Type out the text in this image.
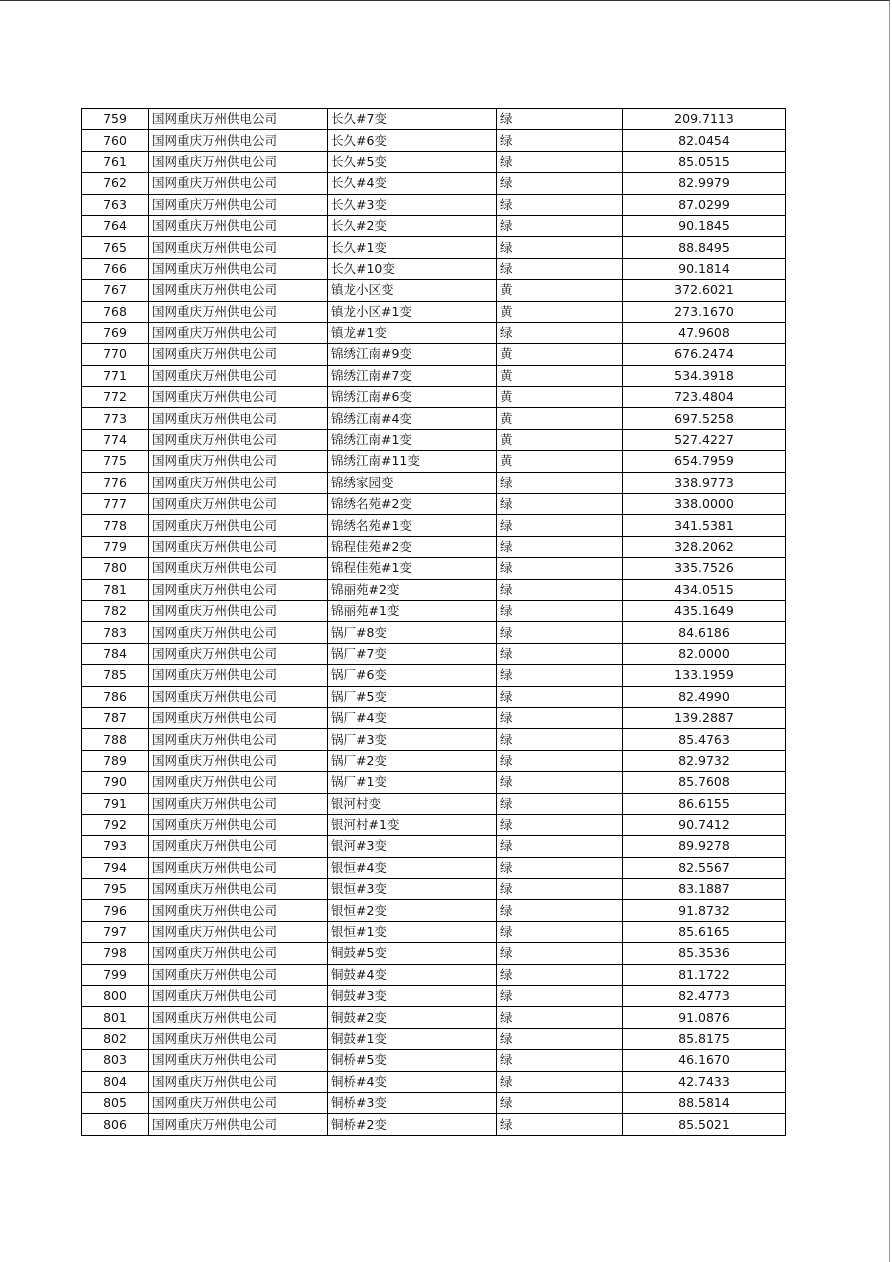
759	国网重庆万州供电公司	长久#7变	绿	209.7113
760	国网重庆万州供电公司	长久#6变	绿	82.0454
761	国网重庆万州供电公司	长久#5变	绿	85.0515
762	国网重庆万州供电公司	长久#4变	绿	82.9979
763	国网重庆万州供电公司	长久#3变	绿	87.0299
764	国网重庆万州供电公司	长久#2变	绿	90.1845
765	国网重庆万州供电公司	长久#1变	绿	88.8495
766	国网重庆万州供电公司	长久#10变	绿	90.1814
767	国网重庆万州供电公司	镇龙小区变	黄	372.6021
768	国网重庆万州供电公司	镇龙小区#1变	黄	273.1670
769	国网重庆万州供电公司	镇龙#1变	绿	47.9608
770	国网重庆万州供电公司	锦绣江南#9变	黄	676.2474
771	国网重庆万州供电公司	锦绣江南#7变	黄	534.3918
772	国网重庆万州供电公司	锦绣江南#6变	黄	723.4804
773	国网重庆万州供电公司	锦绣江南#4变	黄	697.5258
774	国网重庆万州供电公司	锦绣江南#1变	黄	527.4227
775	国网重庆万州供电公司	锦绣江南#11变	黄	654.7959
776	国网重庆万州供电公司	锦绣家园变	绿	338.9773
777	国网重庆万州供电公司	锦绣名苑#2变	绿	338.0000
778	国网重庆万州供电公司	锦绣名苑#1变	绿	341.5381
779	国网重庆万州供电公司	锦程佳苑#2变	绿	328.2062
780	国网重庆万州供电公司	锦程佳苑#1变	绿	335.7526
781	国网重庆万州供电公司	锦丽苑#2变	绿	434.0515
782	国网重庆万州供电公司	锦丽苑#1变	绿	435.1649
783	国网重庆万州供电公司	锅厂#8变	绿	84.6186
784	国网重庆万州供电公司	锅厂#7变	绿	82.0000
785	国网重庆万州供电公司	锅厂#6变	绿	133.1959
786	国网重庆万州供电公司	锅厂#5变	绿	82.4990
787	国网重庆万州供电公司	锅厂#4变	绿	139.2887
788	国网重庆万州供电公司	锅厂#3变	绿	85.4763
789	国网重庆万州供电公司	锅厂#2变	绿	82.9732
790	国网重庆万州供电公司	锅厂#1变	绿	85.7608
791	国网重庆万州供电公司	银河村变	绿	86.6155
792	国网重庆万州供电公司	银河村#1变	绿	90.7412
793	国网重庆万州供电公司	银河#3变	绿	89.9278
794	国网重庆万州供电公司	银恒#4变	绿	82.5567
795	国网重庆万州供电公司	银恒#3变	绿	83.1887
796	国网重庆万州供电公司	银恒#2变	绿	91.8732
797	国网重庆万州供电公司	银恒#1变	绿	85.6165
798	国网重庆万州供电公司	铜鼓#5变	绿	85.3536
799	国网重庆万州供电公司	铜鼓#4变	绿	81.1722
800	国网重庆万州供电公司	铜鼓#3变	绿	82.4773
801	国网重庆万州供电公司	铜鼓#2变	绿	91.0876
802	国网重庆万州供电公司	铜鼓#1变	绿	85.8175
803	国网重庆万州供电公司	铜桥#5变	绿	46.1670
804	国网重庆万州供电公司	铜桥#4变	绿	42.7433
805	国网重庆万州供电公司	铜桥#3变	绿	88.5814
806	国网重庆万州供电公司	铜桥#2变	绿	85.5021
